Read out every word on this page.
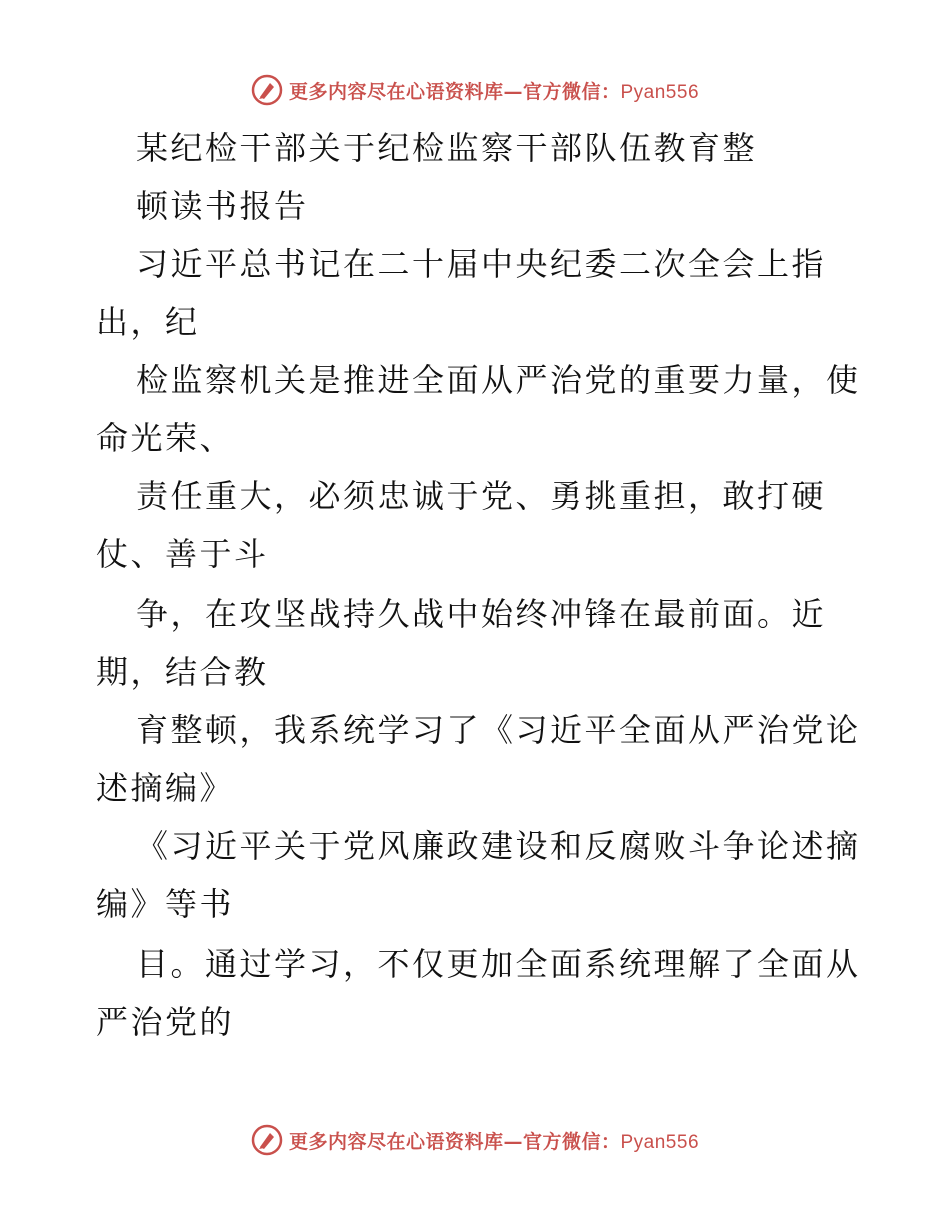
更多内容尽在心语资料库—官方微信：Pyan556
某纪检干部关于纪检监察干部队伍教育整
顿读书报告
习近平总书记在二十届中央纪委二次全会上指
出，纪
检监察机关是推进全面从严治党的重要力量，使
命光荣、
责任重大，必须忠诚于党、勇挑重担，敢打硬
仗、善于斗
争，在攻坚战持久战中始终冲锋在最前面。近
期，结合教
育整顿，我系统学习了《习近平全面从严治党论
述摘编》
《习近平关于党风廉政建设和反腐败斗争论述摘
编》等书
目。通过学习，不仅更加全面系统理解了全面从
严治党的
更多内容尽在心语资料库—官方微信：Pyan556
